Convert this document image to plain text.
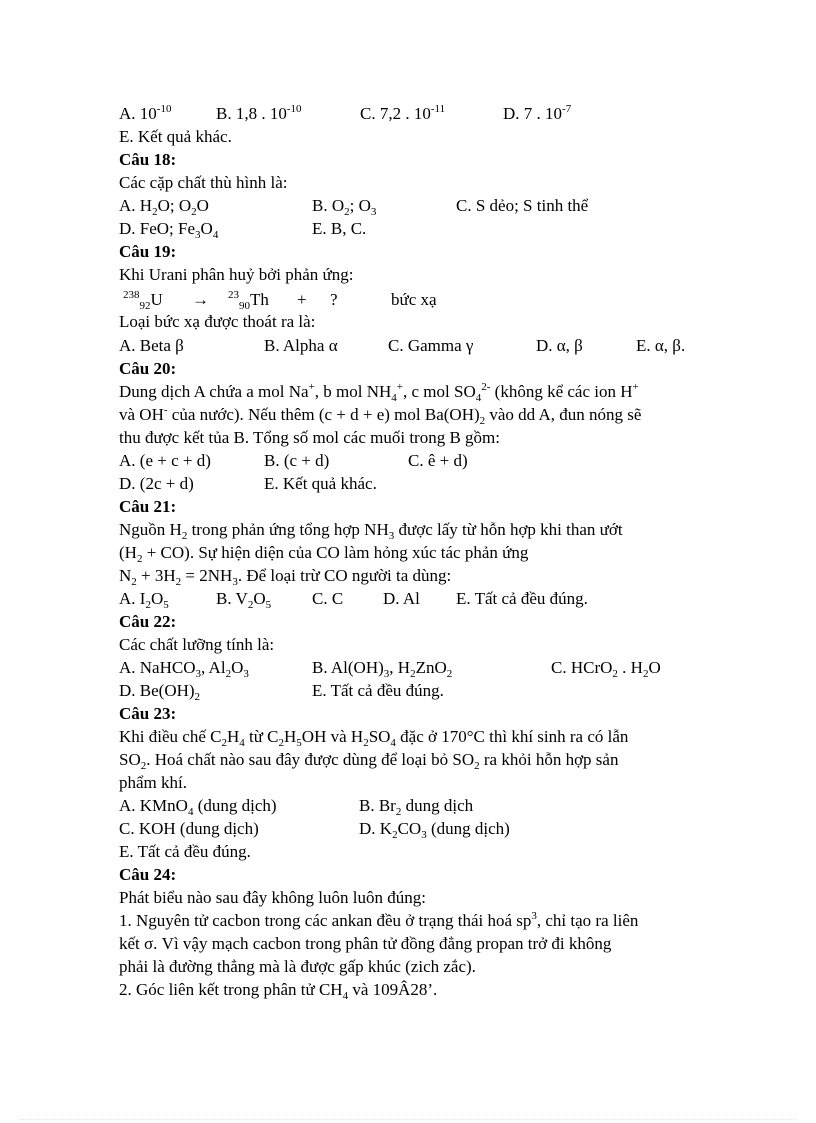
A. $10^{-10}$	B. 1,8 . $10^{-10}$	C. 7,2 . $10^{-11}$	D. 7 . $10^{-7}$
E. Kết quả khác.
Câu 18:
Các cặp chất thù hình là:
A. $H_2O$; $O_2O$	B. $O_2$; $O_3$	C. S dẻo; S tinh thể
D. FeO; $Fe_3O_4$	E. B, C.
Câu 19:
Khi Urani phân huỷ bởi phản ứng:
$^{238}_{92}$U → $^{23}_{90}$Th + ?	bức xạ
Loại bức xạ được thoát ra là:
A. Beta β	B. Alpha α	C. Gamma γ	D. α, β	E. α, β.
Câu 20:
Dung dịch A chứa a mol Na+, b mol $NH_4^+$, c mol $SO_4^{2-}$ (không kể các ion H+
và OH- của nước). Nếu thêm (c + d + e) mol $Ba(OH)_2$ vào dd A, đun nóng sẽ
thu được kết tủa B. Tổng số mol các muối trong B gồm:
A. (e + c + d)	B. (c + d)	C. ê + d)
D. (2c + d)	E. Kết quả khác.
Câu 21:
Nguồn $H_2$ trong phản ứng tổng hợp $NH_3$ được lấy từ hỗn hợp khi than ướt
$(H_2 + CO)$. Sự hiện diện của CO làm hỏng xúc tác phản ứng
$N_2 + 3H_2 = 2NH_3$. Để loại trừ CO người ta dùng:
A. $I_2O_5$	B. $V_2O_5$ C. C D. Al E. Tất cả đều đúng.
Câu 22:
Các chất lưỡng tính là:
A. NaHCO$_3$, $Al_2O_3$	B. $Al(OH)_3$, $H_2ZnO_2$	C. HCrO$_2$ . $H_2O$
D. $Be(OH)_2$	E. Tất cả đều đúng.
Câu 23:
Khi điều chế $C_2H_4$ từ $C_2H_5OH$ và $H_2SO_4$ đặc ở 170°C thì khí sinh ra có lẫn
$SO_2$. Hoá chất nào sau đây được dùng để loại bỏ $SO_2$ ra khỏi hỗn hợp sản
phẩm khí.
A. KMnO$_4$ (dung dịch)	B. $Br_2$ dung dịch
C. KOH (dung dịch)	D. $K_2CO_3$ (dung dịch)
E. Tất cả đều đúng.
Câu 24:
Phát biểu nào sau đây không luôn luôn đúng:
1. Nguyên tử cacbon trong các ankan đều ở trạng thái hoá $sp^3$, chỉ tạo ra liên
kết σ. Vì vậy mạch cacbon trong phân tử đồng đẳng propan trở đi không
phải là đường thẳng mà là được gấp khúc (zich zắc).
2. Góc liên kết trong phân tử $CH_4$ và 109Â28’.
